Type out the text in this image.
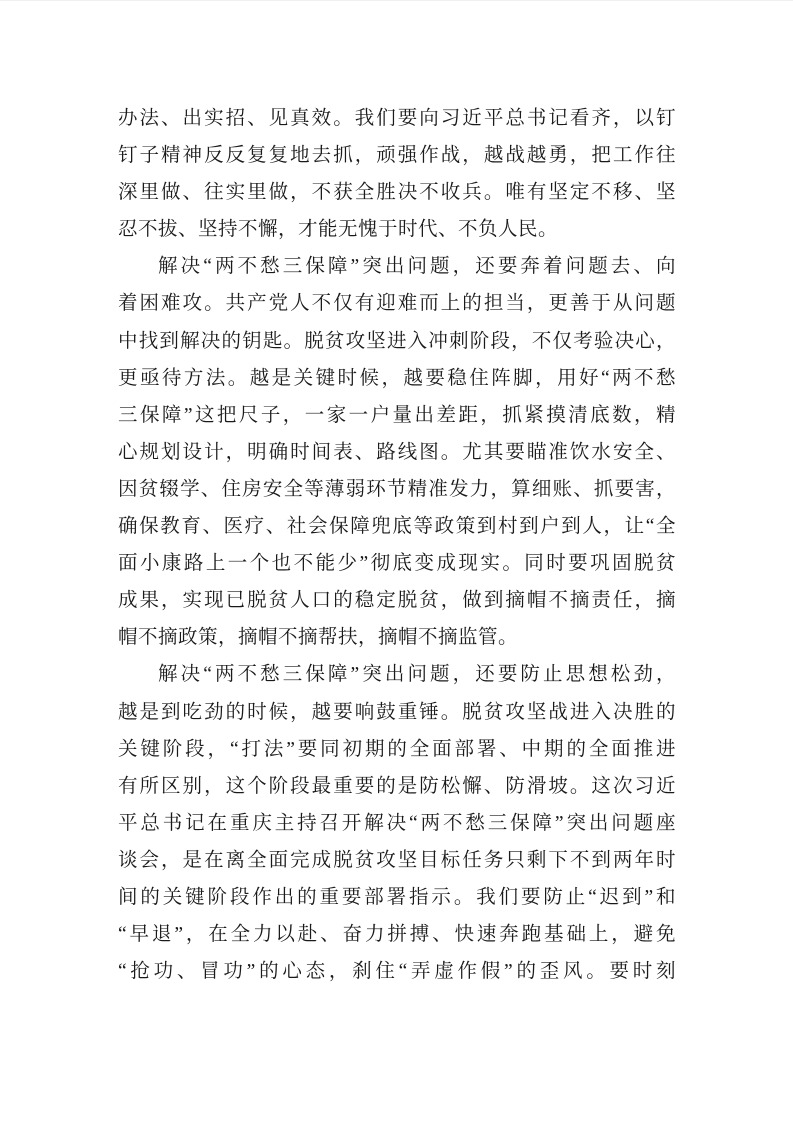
办法、出实招、见真效。我们要向习近平总书记看齐，以钉
钉子精神反反复复地去抓，顽强作战，越战越勇，把工作往
深里做、往实里做，不获全胜决不收兵。唯有坚定不移、坚
忍不拔、坚持不懈，才能无愧于时代、不负人民。
解决“两不愁三保障”突出问题，还要奔着问题去、向
着困难攻。共产党人不仅有迎难而上的担当，更善于从问题
中找到解决的钥匙。脱贫攻坚进入冲刺阶段，不仅考验决心，
更亟待方法。越是关键时候，越要稳住阵脚，用好“两不愁
三保障”这把尺子，一家一户量出差距，抓紧摸清底数，精
心规划设计，明确时间表、路线图。尤其要瞄准饮水安全、
因贫辍学、住房安全等薄弱环节精准发力，算细账、抓要害，
确保教育、医疗、社会保障兜底等政策到村到户到人，让“全
面小康路上一个也不能少”彻底变成现实。同时要巩固脱贫
成果，实现已脱贫人口的稳定脱贫，做到摘帽不摘责任，摘
帽不摘政策，摘帽不摘帮扶，摘帽不摘监管。
解决“两不愁三保障”突出问题，还要防止思想松劲，
越是到吃劲的时候，越要响鼓重锤。脱贫攻坚战进入决胜的
关键阶段，“打法”要同初期的全面部署、中期的全面推进
有所区别，这个阶段最重要的是防松懈、防滑坡。这次习近
平总书记在重庆主持召开解决“两不愁三保障”突出问题座
谈会，是在离全面完成脱贫攻坚目标任务只剩下不到两年时
间的关键阶段作出的重要部署指示。我们要防止“迟到”和
“早退”，在全力以赴、奋力拼搏、快速奔跑基础上，避免
“抢功、冒功”的心态，刹住“弄虚作假”的歪风。要时刻
